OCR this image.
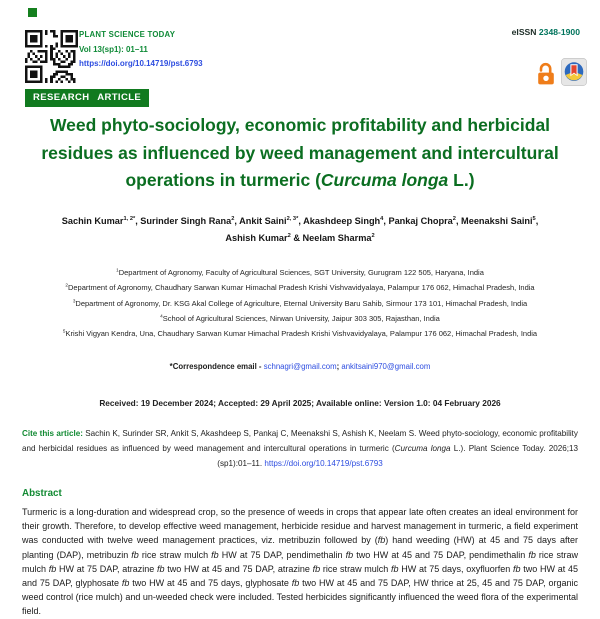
PLANT SCIENCE TODAY
Vol 13(sp1): 01–11
https://doi.org/10.14719/pst.6793
eISSN 2348-1900
RESEARCH ARTICLE
Weed phyto-sociology, economic profitability and herbicidal residues as influenced by weed management and intercultural operations in turmeric (Curcuma longa L.)
Sachin Kumar$^{1, 2*}$, Surinder Singh Rana$^2$, Ankit Saini$^{2, 3*}$, Akashdeep Singh$^4$, Pankaj Chopra$^2$, Meenakshi Saini$^5$, Ashish Kumar$^2$ & Neelam Sharma$^2$
$^1$Department of Agronomy, Faculty of Agricultural Sciences, SGT University, Gurugram 122 505, Haryana, India
$^2$Department of Agronomy, Chaudhary Sarwan Kumar Himachal Pradesh Krishi Vishvavidyalaya, Palampur 176 062, Himachal Pradesh, India
$^3$Department of Agronomy, Dr. KSG Akal College of Agriculture, Eternal University Baru Sahib, Sirmour 173 101, Himachal Pradesh, India
$^4$School of Agricultural Sciences, Nirwan University, Jaipur 303 305, Rajasthan, India
$^5$Krishi Vigyan Kendra, Una, Chaudhary Sarwan Kumar Himachal Pradesh Krishi Vishvavidyalaya, Palampur 176 062, Himachal Pradesh, India
*Correspondence email - schnagri@gmail.com; ankitsaini970@gmail.com
Received: 19 December 2024; Accepted: 29 April 2025; Available online: Version 1.0: 04 February 2026
Cite this article: Sachin K, Surinder SR, Ankit S, Akashdeep S, Pankaj C, Meenakshi S, Ashish K, Neelam S. Weed phyto-sociology, economic profitability and herbicidal residues as influenced by weed management and intercultural operations in turmeric (Curcuma longa L.). Plant Science Today. 2026;13 (sp1):01–11. https://doi.org/10.14719/pst.6793
Abstract
Turmeric is a long-duration and widespread crop, so the presence of weeds in crops that appear late often creates an ideal environment for their growth. Therefore, to develop effective weed management, herbicide residue and harvest management in turmeric, a field experiment was conducted with twelve weed management practices, viz. metribuzin followed by (fb) hand weeding (HW) at 45 and 75 days after planting (DAP), metribuzin fb rice straw mulch fb HW at 75 DAP, pendimethalin fb two HW at 45 and 75 DAP, pendimethalin fb rice straw mulch fb HW at 75 DAP, atrazine fb two HW at 45 and 75 DAP, atrazine fb rice straw mulch fb HW at 75 days, oxyfluorfen fb two HW at 45 and 75 DAP, glyphosate fb two HW at 45 and 75 days, glyphosate fb two HW at 45 and 75 DAP, HW thrice at 25, 45 and 75 DAP, organic weed control (rice mulch) and un-weeded check were included. Tested herbicides significantly influenced the weed flora of the experimental field.
